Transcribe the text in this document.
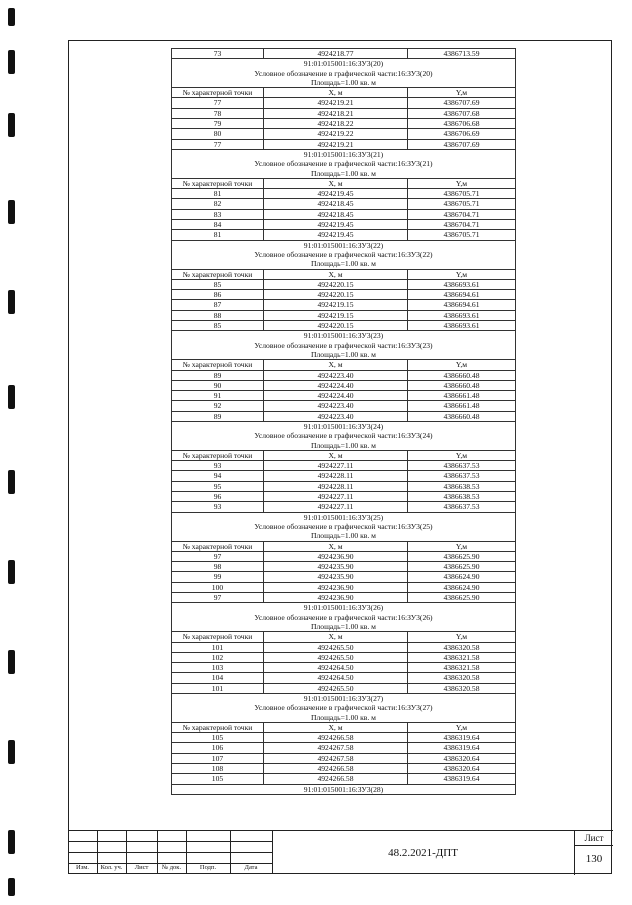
73	4924218.77	4386713.59
91:01:015001:16:ЗУ3(20)		
Условное обозначение в графической части:16:ЗУ3(20)		
Площадь=1.00 кв. м		
№ характерной точки	X, м	Y,м
77	4924219.21	4386707.69
78	4924218.21	4386707.68
79	4924218.22	4386706.68
80	4924219.22	4386706.69
77	4924219.21	4386707.69
91:01:015001:16:ЗУ3(21)		
Условное обозначение в графической части:16:ЗУ3(21)		
Площадь=1.00 кв. м		
№ характерной точки	X, м	Y,м
81	4924219.45	4386705.71
82	4924218.45	4386705.71
83	4924218.45	4386704.71
84	4924219.45	4386704.71
81	4924219.45	4386705.71
91:01:015001:16:ЗУ3(22)		
Условное обозначение в графической части:16:ЗУ3(22)		
Площадь=1.00 кв. м		
№ характерной точки	X, м	Y,м
85	4924220.15	4386693.61
86	4924220.15	4386694.61
87	4924219.15	4386694.61
88	4924219.15	4386693.61
85	4924220.15	4386693.61
91:01:015001:16:ЗУ3(23)		
Условное обозначение в графической части:16:ЗУ3(23)		
Площадь=1.00 кв. м		
№ характерной точки	X, м	Y,м
89	4924223.40	4386660.48
90	4924224.40	4386660.48
91	4924224.40	4386661.48
92	4924223.40	4386661.48
89	4924223.40	4386660.48
91:01:015001:16:ЗУ3(24)		
Условное обозначение в графической части:16:ЗУ3(24)		
Площадь=1.00 кв. м		
№ характерной точки	X, м	Y,м
93	4924227.11	4386637.53
94	4924228.11	4386637.53
95	4924228.11	4386638.53
96	4924227.11	4386638.53
93	4924227.11	4386637.53
91:01:015001:16:ЗУ3(25)		
Условное обозначение в графической части:16:ЗУ3(25)		
Площадь=1.00 кв. м		
№ характерной точки	X, м	Y,м
97	4924236.90	4386625.90
98	4924235.90	4386625.90
99	4924235.90	4386624.90
100	4924236.90	4386624.90
97	4924236.90	4386625.90
91:01:015001:16:ЗУ3(26)		
Условное обозначение в графической части:16:ЗУ3(26)		
Площадь=1.00 кв. м		
№ характерной точки	X, м	Y,м
101	4924265.50	4386320.58
102	4924265.50	4386321.58
103	4924264.50	4386321.58
104	4924264.50	4386320.58
101	4924265.50	4386320.58
91:01:015001:16:ЗУ3(27)		
Условное обозначение в графической части:16:ЗУ3(27)		
Площадь=1.00 кв. м		
№ характерной точки	X, м	Y,м
105	4924266.58	4386319.64
106	4924267.58	4386319.64
107	4924267.58	4386320.64
108	4924266.58	4386320.64
105	4924266.58	4386319.64
91:01:015001:16:ЗУ3(28)		
Изм.	Кол. уч.	Лист	№ док.	Подп.	Дата
48.2.2021-ДПТ
Лист
130
